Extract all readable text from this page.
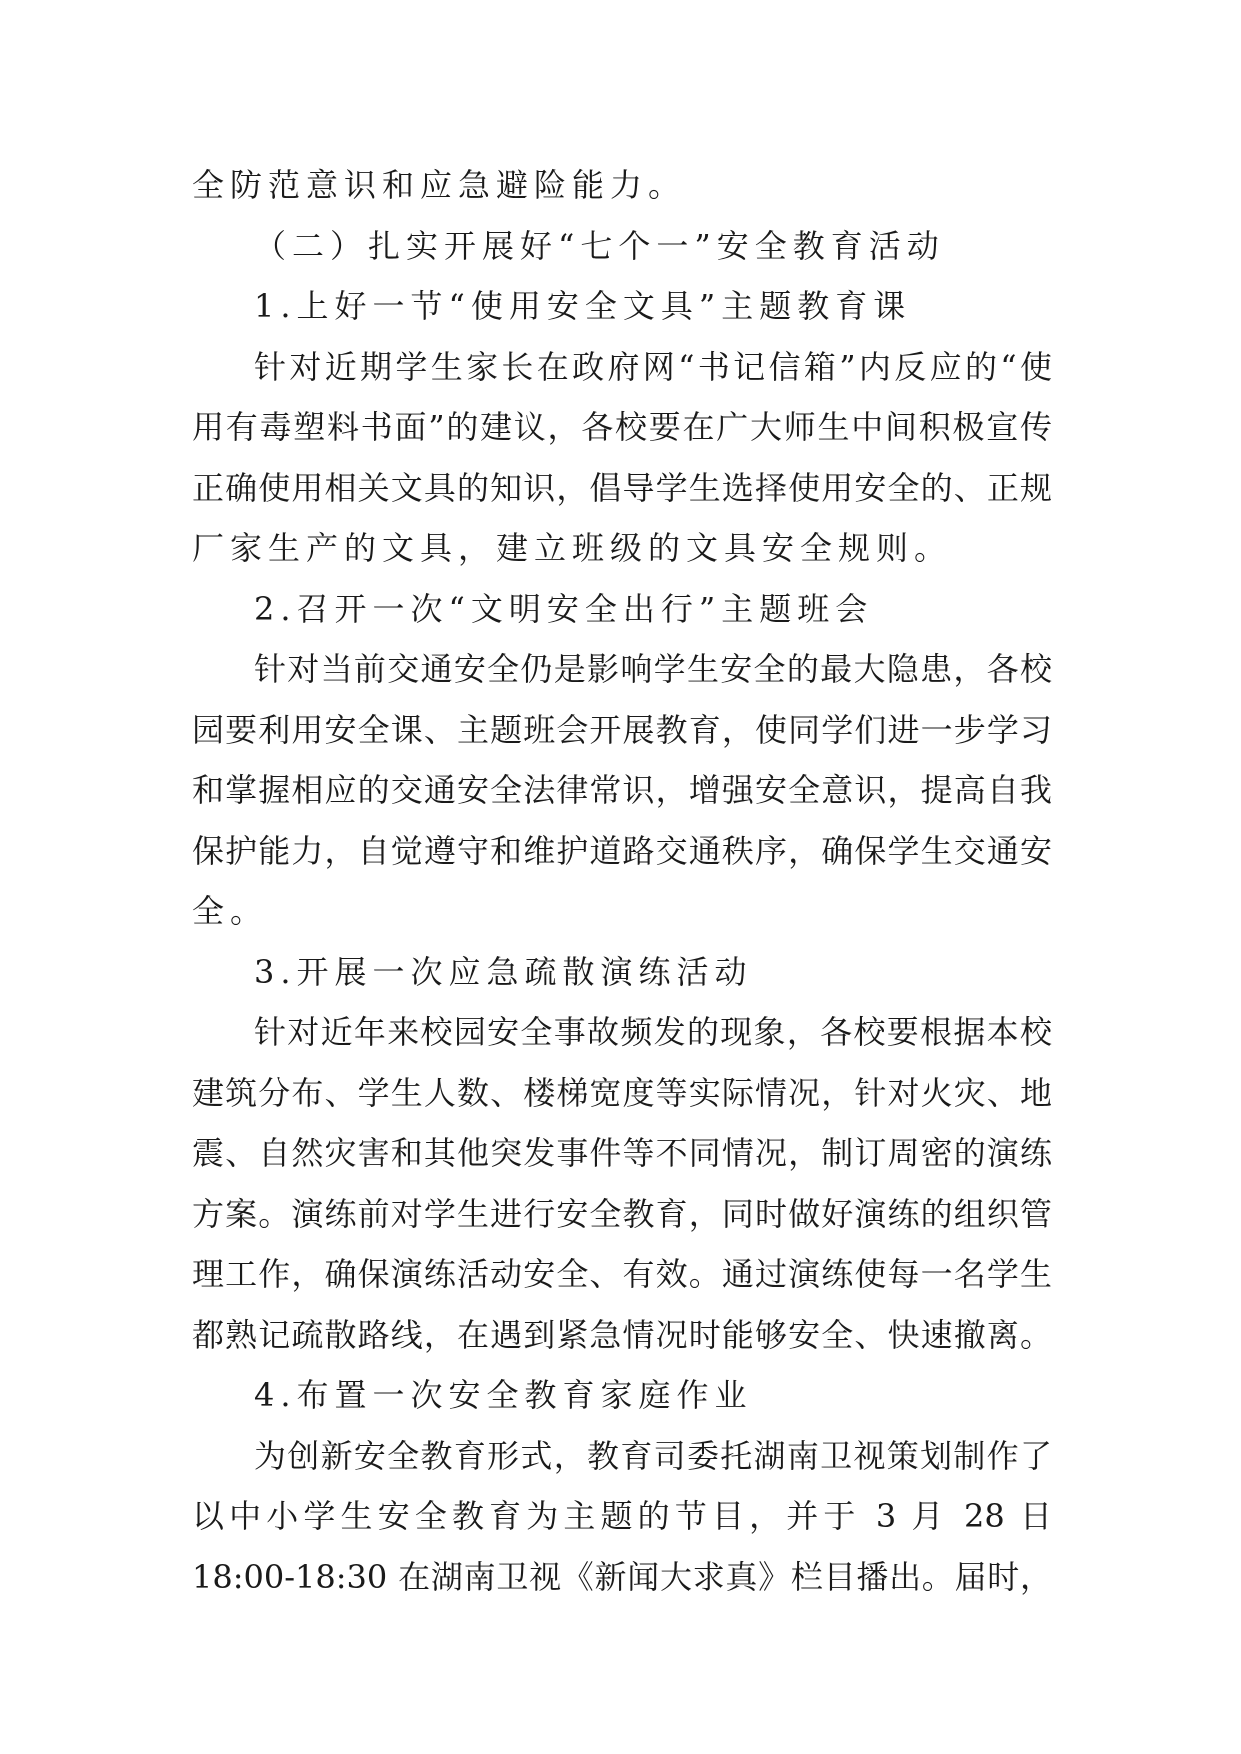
全防范意识和应急避险能力。
（二）扎实开展好“七个一”安全教育活动
1.上好一节“使用安全文具”主题教育课
针对近期学生家长在政府网“书记信箱”内反应的“使
用有毒塑料书面”的建议，各校要在广大师生中间积极宣传
正确使用相关文具的知识，倡导学生选择使用安全的、正规
厂家生产的文具，建立班级的文具安全规则。
2.召开一次“文明安全出行”主题班会
针对当前交通安全仍是影响学生安全的最大隐患，各校
园要利用安全课、主题班会开展教育，使同学们进一步学习
和掌握相应的交通安全法律常识，增强安全意识，提高自我
保护能力，自觉遵守和维护道路交通秩序，确保学生交通安
全。
3.开展一次应急疏散演练活动
针对近年来校园安全事故频发的现象，各校要根据本校
建筑分布、学生人数、楼梯宽度等实际情况，针对火灾、地
震、自然灾害和其他突发事件等不同情况，制订周密的演练
方案。演练前对学生进行安全教育，同时做好演练的组织管
理工作，确保演练活动安全、有效。通过演练使每一名学生
都熟记疏散路线，在遇到紧急情况时能够安全、快速撤离。
4.布置一次安全教育家庭作业
为创新安全教育形式，教育司委托湖南卫视策划制作了
以中小学生安全教育为主题的节目，并于 3 月 28 日
18:00-18:30 在湖南卫视《新闻大求真》栏目播出。届时，
